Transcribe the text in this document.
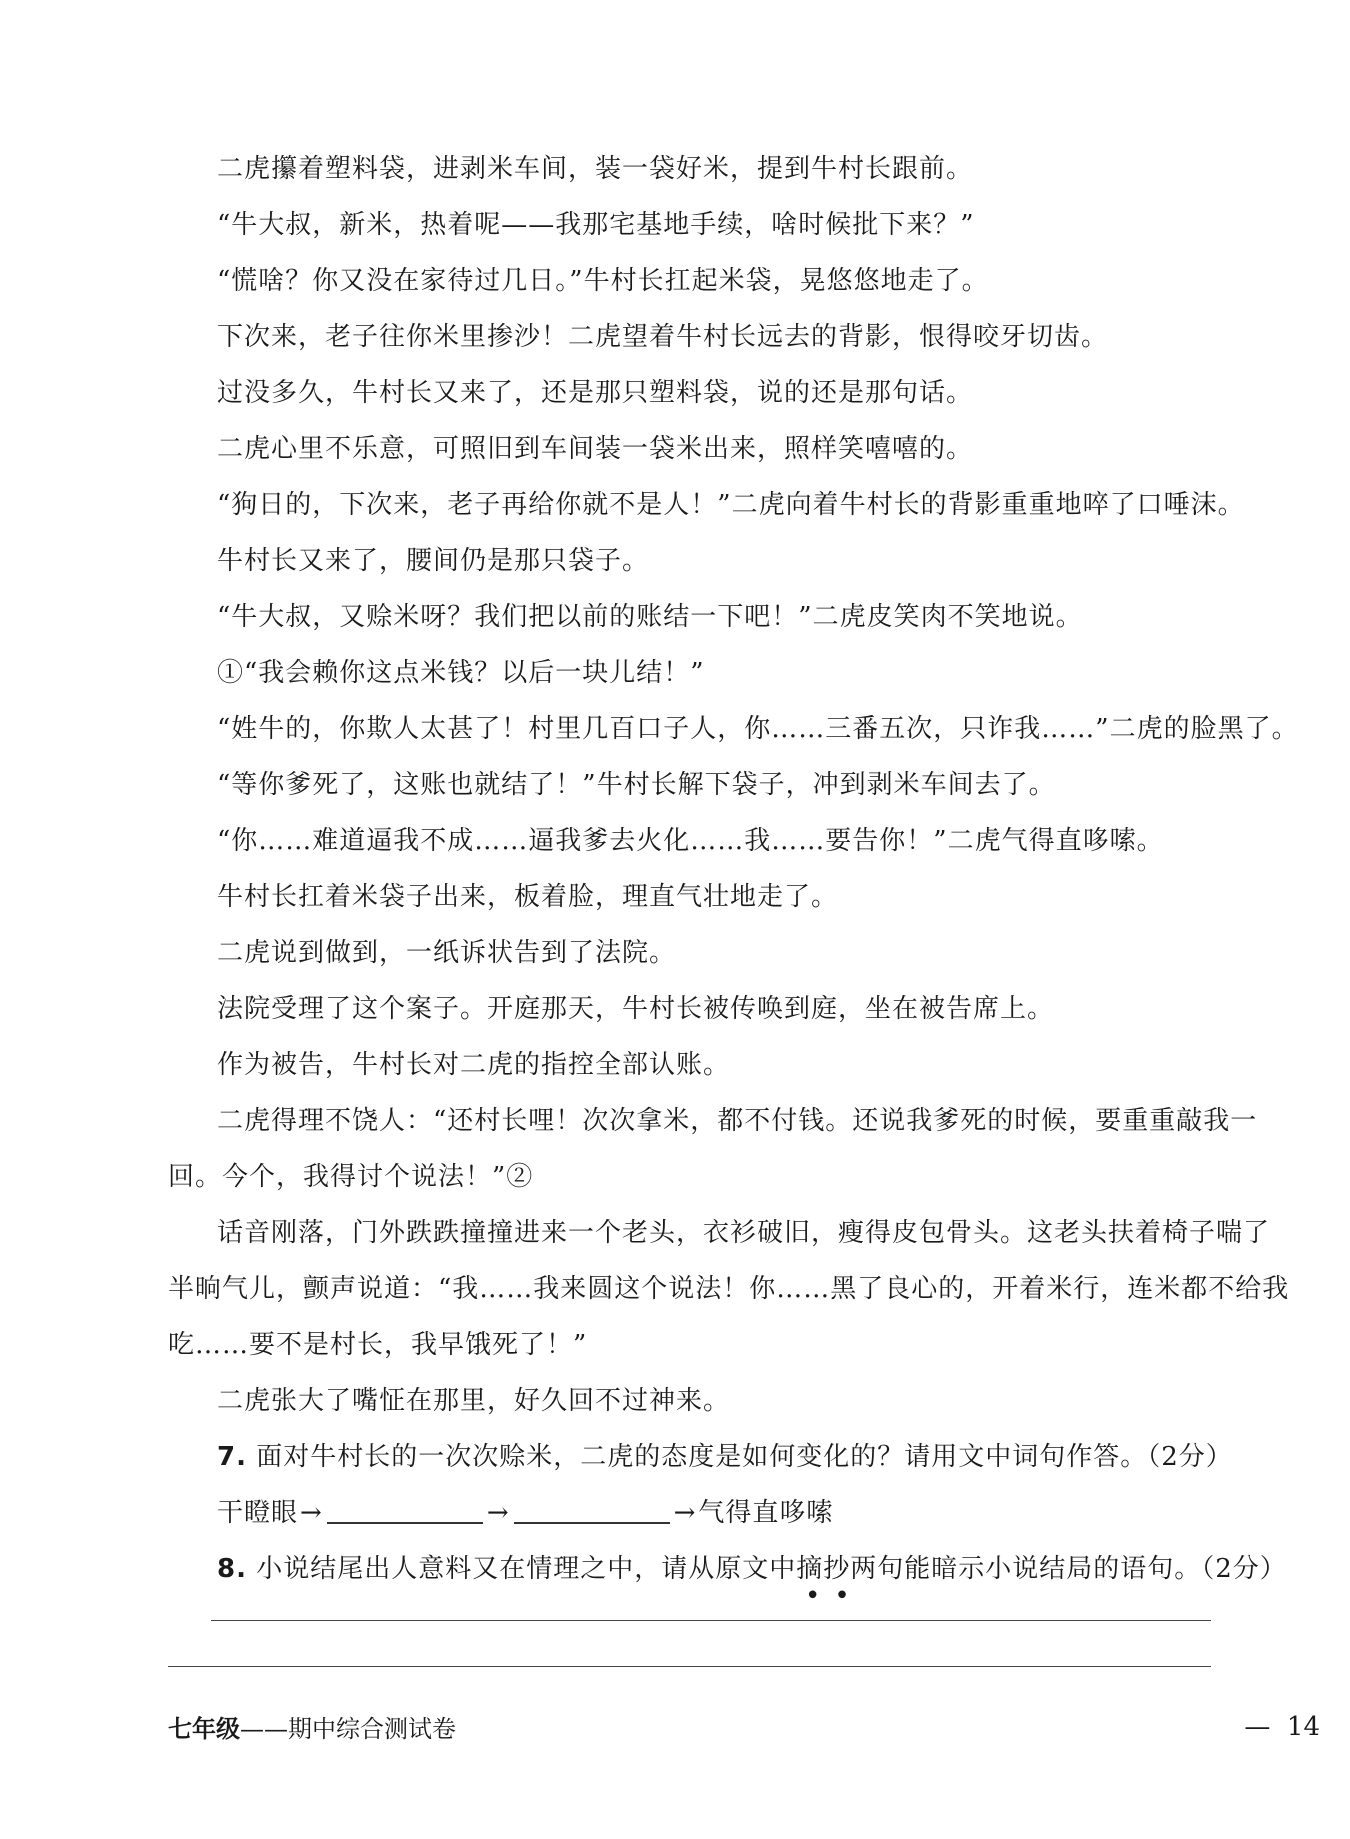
二虎攥着塑料袋，进剥米车间，装一袋好米，提到牛村长跟前。
“牛大叔，新米，热着呢——我那宅基地手续，啥时候批下来？”
“慌啥？你又没在家待过几日。”牛村长扛起米袋，晃悠悠地走了。
下次来，老子往你米里掺沙！二虎望着牛村长远去的背影，恨得咬牙切齿。
过没多久，牛村长又来了，还是那只塑料袋，说的还是那句话。
二虎心里不乐意，可照旧到车间装一袋米出来，照样笑嘻嘻的。
“狗日的，下次来，老子再给你就不是人！”二虎向着牛村长的背影重重地啐了口唾沫。
牛村长又来了，腰间仍是那只袋子。
“牛大叔，又赊米呀？我们把以前的账结一下吧！”二虎皮笑肉不笑地说。
①“我会赖你这点米钱？以后一块儿结！”
“姓牛的，你欺人太甚了！村里几百口子人，你……三番五次，只诈我……”二虎的脸黑了。
“等你爹死了，这账也就结了！”牛村长解下袋子，冲到剥米车间去了。
“你……难道逼我不成……逼我爹去火化……我……要告你！”二虎气得直哆嗦。
牛村长扛着米袋子出来，板着脸，理直气壮地走了。
二虎说到做到，一纸诉状告到了法院。
法院受理了这个案子。开庭那天，牛村长被传唤到庭，坐在被告席上。
作为被告，牛村长对二虎的指控全部认账。
二虎得理不饶人：“还村长哩！次次拿米，都不付钱。还说我爹死的时候，要重重敲我一
回。今个，我得讨个说法！”②
话音刚落，门外跌跌撞撞进来一个老头，衣衫破旧，瘦得皮包骨头。这老头扶着椅子喘了
半晌气儿，颤声说道：“我……我来圆这个说法！你……黑了良心的，开着米行，连米都不给我
吃……要不是村长，我早饿死了！”
二虎张大了嘴怔在那里，好久回不过神来。
7. 面对牛村长的一次次赊米，二虎的态度是如何变化的？请用文中词句作答。（2分）
干瞪眼→	→	→气得直哆嗦
8. 小说结尾出人意料又在情理之中，请从原文中摘抄两句能暗示小说结局的语句。（2分）
••
七年级——期中综合测试卷	— 14
